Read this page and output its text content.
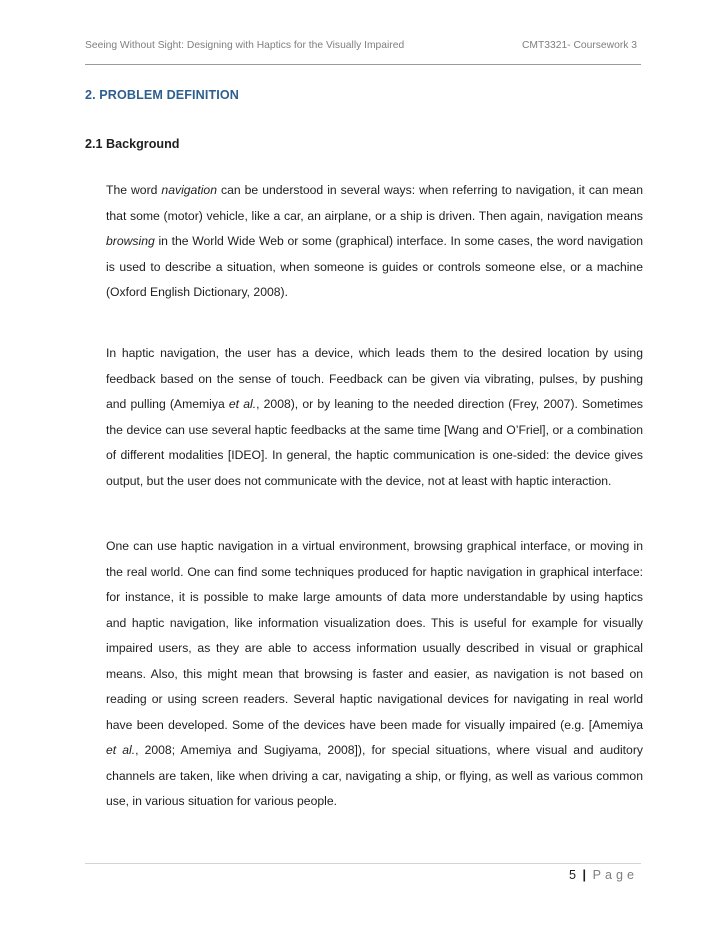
Seeing Without Sight: Designing with Haptics for the Visually Impaired	CMT3321- Coursework 3
2. PROBLEM DEFINITION
2.1 Background

The word navigation can be understood in several ways: when referring to navigation, it can mean that some (motor) vehicle, like a car, an airplane, or a ship is driven. Then again, navigation means browsing in the World Wide Web or some (graphical) interface. In some cases, the word navigation is used to describe a situation, when someone is guides or controls someone else, or a machine (Oxford English Dictionary, 2008).

In haptic navigation, the user has a device, which leads them to the desired location by using feedback based on the sense of touch. Feedback can be given via vibrating, pulses, by pushing and pulling (Amemiya et al., 2008), or by leaning to the needed direction (Frey, 2007). Sometimes the device can use several haptic feedbacks at the same time [Wang and O’Friel], or a combination of different modalities [IDEO]. In general, the haptic communication is one-sided: the device gives output, but the user does not communicate with the device, not at least with haptic interaction.

One can use haptic navigation in a virtual environment, browsing graphical interface, or moving in the real world. One can find some techniques produced for haptic navigation in graphical interface: for instance, it is possible to make large amounts of data more understandable by using haptics and haptic navigation, like information visualization does. This is useful for example for visually impaired users, as they are able to access information usually described in visual or graphical means. Also, this might mean that browsing is faster and easier, as navigation is not based on reading or using screen readers. Several haptic navigational devices for navigating in real world have been developed. Some of the devices have been made for visually impaired (e.g. [Amemiya et al., 2008; Amemiya and Sugiyama, 2008]), for special situations, where visual and auditory channels are taken, like when driving a car, navigating a ship, or flying, as well as various common use, in various situation for various people.

5 | Page
